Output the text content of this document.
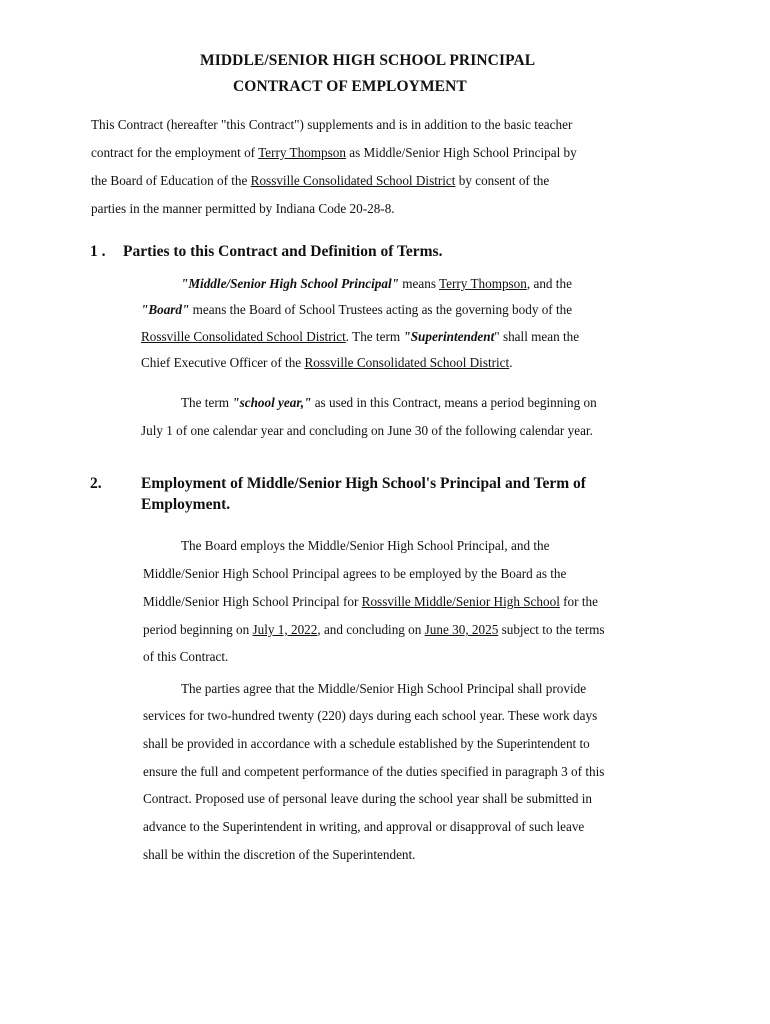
MIDDLE/SENIOR HIGH SCHOOL PRINCIPAL
CONTRACT OF EMPLOYMENT
This Contract (hereafter "this Contract") supplements and is in addition to the basic teacher
contract for the employment of Terry Thompson as Middle/Senior High School Principal by
the Board of Education of the Rossville Consolidated School District by consent of the
parties in the manner permitted by Indiana Code 20-28-8.
1 . Parties to this Contract and Definition of Terms.
"Middle/Senior High School Principal" means Terry Thompson, and the
"Board" means the Board of School Trustees acting as the governing body of the
Rossville Consolidated School District. The term "Superintendent" shall mean the
Chief Executive Officer of the Rossville Consolidated School District.
The term "school year," as used in this Contract, means a period beginning on
July 1 of one calendar year and concluding on June 30 of the following calendar year.
2.	Employment of Middle/Senior High School's Principal and Term of
Employment.
The Board employs the Middle/Senior High School Principal, and the
Middle/Senior High School Principal agrees to be employed by the Board as the
Middle/Senior High School Principal for Rossville Middle/Senior High School for the
period beginning on July 1, 2022, and concluding on June 30, 2025 subject to the terms
of this Contract.
The parties agree that the Middle/Senior High School Principal shall provide
services for two-hundred twenty (220) days during each school year. These work days
shall be provided in accordance with a schedule established by the Superintendent to
ensure the full and competent performance of the duties specified in paragraph 3 of this
Contract. Proposed use of personal leave during the school year shall be submitted in
advance to the Superintendent in writing, and approval or disapproval of such leave
shall be within the discretion of the Superintendent.
